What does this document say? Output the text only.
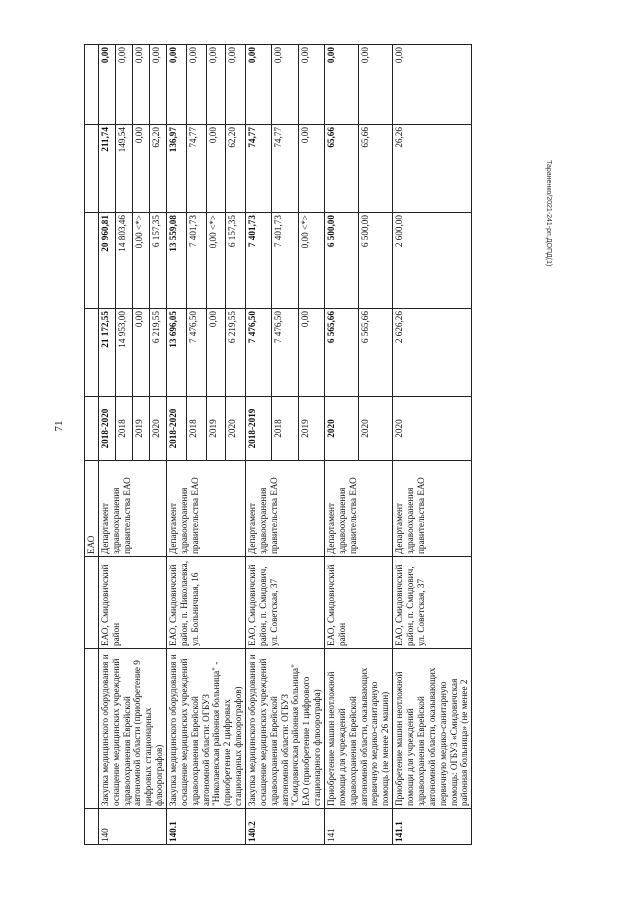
71
Тараненко/2021-241-рп.ДОПД(1)
			ЕАО					
140	Закупка медицинского оборудования и оснащение медицинских учреждений здравоохранения Еврейской автономной области (приобретение 9 цифровых стационарных флюорографов)	ЕАО, Смидовичский район	Департамент здравоохранения правительства ЕАО	2018-2020	21 172,55	20 960,81	211,74	0,00
				2018	14 953,00	14 803,46	149,54	0,00
				2019	0,00	0,00 <*>	0,00	0,00
				2020	6 219,55	6 157,35	62,20	0,00
140.1	Закупка медицинского оборудования и оснащение медицинских учреждений здравоохранения Еврейской автономной области: ОГБУЗ "Николаевская районная больница" - (приобретение 2 цифровых стационарных флюорографов)	ЕАО, Смидовичский район, п. Николаевка, ул. Больничная, 16	Департамент здравоохранения правительства ЕАО	2018-2020	13 696,05	13 559,08	136,97	0,00
				2018	7 476,50	7 401,73	74,77	0,00
				2019	0,00	0,00 <*>	0,00	0,00
				2020	6 219,55	6 157,35	62,20	0,00
140.2	Закупка медицинского оборудования и оснащение медицинских учреждений здравоохранения Еврейской автономной области: ОГБУЗ "Смидовичская районная больница" ЕАО (приобретение 1 цифрового стационарного флюорографа)	ЕАО, Смидовичский район, п. Смидович, ул. Советская, 37	Департамент здравоохранения правительства ЕАО	2018-2019	7 476,50	7 401,73	74,77	0,00
				2018	7 476,50	7 401,73	74,77	0,00
				2019	0,00	0,00 <*>	0,00	0,00
141	Приобретение машин неотложной помощи для учреждений здравоохранения Еврейской автономной области, оказывающих первичную медико-санитарную помощь (не менее 26 машин)	ЕАО, Смидовичский район	Департамент здравоохранения правительства ЕАО	2020	6 565,66	6 500,00	65,66	0,00
				2020	6 565,66	6 500,00	65,66	0,00
141.1	Приобретение машин неотложной помощи для учреждений здравоохранения Еврейской автономной области, оказывающих первичную медико-санитарную помощь: ОГБУЗ «Смидовичская районная больница» (не менее 2	ЕАО, Смидовичский район, п. Смидович, ул. Советская, 37	Департамент здравоохранения правительства ЕАО	2020	2 626,26	2 600,00	26,26	0,00
